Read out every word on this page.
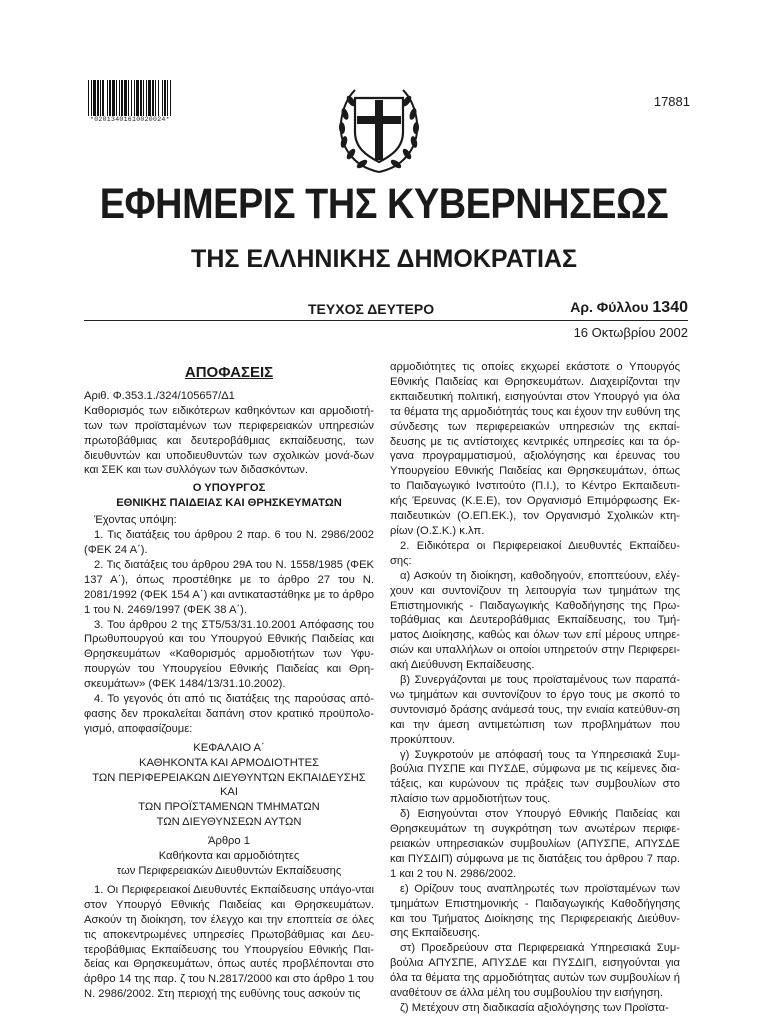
*02013401610020024*
17881
ΕΦΗΜΕΡΙΣ ΤΗΣ ΚΥΒΕΡΝΗΣΕΩΣ
ΤΗΣ ΕΛΛΗΝΙΚΗΣ ΔΗΜΟΚΡΑΤΙΑΣ
ΤΕΥΧΟΣ ΔΕΥΤΕΡΟ	Αρ. Φύλλου 1340
16 Οκτωβρίου 2002

ΑΠΟΦΑΣΕΙΣ

Αριθ. Φ.353.1./324/105657/Δ1

Καθορισμός των ειδικότερων καθηκόντων και αρμοδιοτή-των των προϊσταμένων των περιφερειακών υπηρεσιών πρωτοβάθμιας και δευτεροβάθμιας εκπαίδευσης, των διευθυντών και υποδιευθυντών των σχολικών μονά-δων και ΣΕΚ και των συλλόγων των διδασκόντων.

Ο ΥΠΟΥΡΓΟΣ

ΕΘΝΙΚΗΣ ΠΑΙΔΕΙΑΣ ΚΑΙ ΘΡΗΣΚΕΥΜΑΤΩΝ

Έχοντας υπόψη:

1. Τις διατάξεις του άρθρου 2 παρ. 6 του Ν. 2986/2002 (ΦΕΚ 24 Α΄).

2. Τις διατάξεις του άρθρου 29Α του Ν. 1558/1985 (ΦΕΚ 137 Α΄), όπως προστέθηκε με το άρθρο 27 του Ν. 2081/1992 (ΦΕΚ 154 Α΄) και αντικαταστάθηκε με το άρθρο 1 του Ν. 2469/1997 (ΦΕΚ 38 Α΄).

3. Του άρθρου 2 της ΣΤ5/53/31.10.2001 Απόφασης του Πρωθυπουργού και του Υπουργού Εθνικής Παιδείας και Θρησκευμάτων «Καθορισμός αρμοδιοτήτων των Υφυ-πουργών του Υπουργείου Εθνικής Παιδείας και Θρη-σκευμάτων» (ΦΕΚ 1484/13/31.10.2002).

4. Το γεγονός ότι από τις διατάξεις της παρούσας από-φασης δεν προκαλείται δαπάνη στον κρατικό προϋπολο-γισμό, αποφασίζουμε:

ΚΕΦΑΛΑΙΟ Α΄

ΚΑΘΗΚΟΝΤΑ ΚΑΙ ΑΡΜΟΔΙΟΤΗΤΕΣ

ΤΩΝ ΠΕΡΙΦΕΡΕΙΑΚΩΝ ΔΙΕΥΘΥΝΤΩΝ ΕΚΠΑΙΔΕΥΣΗΣ ΚΑΙ

ΤΩΝ ΠΡΟΪΣΤΑΜΕΝΩΝ ΤΜΗΜΑΤΩΝ

ΤΩΝ ΔΙΕΥΘΥΝΣΕΩΝ ΑΥΤΩΝ

Άρθρο 1

Καθήκοντα και αρμοδιότητες

των Περιφερειακών Διευθυντών Εκπαίδευσης

1. Οι Περιφερειακοί Διευθυντές Εκπαίδευσης υπάγο-νται στον Υπουργό Εθνικής Παιδείας και Θρησκευμάτων. Ασκούν τη διοίκηση, τον έλεγχο και την εποπτεία σε όλες τις αποκεντρωμένες υπηρεσίες Πρωτοβάθμιας και Δευ-τεροβάθμιας Εκπαίδευσης του Υπουργείου Εθνικής Παι-δείας και Θρησκευμάτων, όπως αυτές προβλέπονται στο άρθρο 14 της παρ. ζ του Ν.2817/2000 και στο άρθρο 1 του Ν. 2986/2002. Στη περιοχή της ευθύνης τους ασκούν τις

αρμοδιότητες τις οποίες εκχωρεί εκάστοτε ο Υπουργός Εθνικής Παιδείας και Θρησκευμάτων. Διαχειρίζονται την εκπαιδευτική πολιτική, εισηγούνται στον Υπουργό για όλα τα θέματα της αρμοδιότητάς τους και έχουν την ευθύνη της σύνδεσης των περιφερειακών υπηρεσιών της εκπαί-δευσης με τις αντίστοιχες κεντρικές υπηρεσίες και τα όρ-γανα προγραμματισμού, αξιολόγησης και έρευνας του Υπουργείου Εθνικής Παιδείας και Θρησκευμάτων, όπως το Παιδαγωγικό Ινστιτούτο (Π.Ι.), το Κέντρο Εκπαιδευτι-κής Έρευνας (Κ.Ε.Ε), τον Οργανισμό Επιμόρφωσης Εκ-παιδευτικών (Ο.ΕΠ.ΕΚ.), τον Οργανισμό Σχολικών κτη-ρίων (Ο.Σ.Κ.) κ.λπ.

2. Ειδικότερα οι Περιφερειακοί Διευθυντές Εκπαίδευ-σης:

α) Ασκούν τη διοίκηση, καθοδηγούν, εποπτεύουν, ελέγ-χουν και συντονίζουν τη λειτουργία των τμημάτων της Επιστημονικής - Παιδαγωγικής Καθοδήγησης της Πρω-τοβάθμιας και Δευτεροβάθμιας Εκπαίδευσης, του Τμή-ματος Διοίκησης, καθώς και όλων των επί μέρους υπηρε-σιών και υπαλλήλων οι οποίοι υπηρετούν στην Περιφερει-ακή Διεύθυνση Εκπαίδευσης.

β) Συνεργάζονται με τους προϊσταμένους των παραπά-νω τμημάτων και συντονίζουν το έργο τους με σκοπό το συντονισμό δράσης ανάμεσά τους, την ενιαία κατεύθυν-ση και την άμεση αντιμετώπιση των προβλημάτων που προκύπτουν.

γ) Συγκροτούν με απόφασή τους τα Υπηρεσιακά Συμ-βούλια ΠΥΣΠΕ και ΠΥΣΔΕ, σύμφωνα με τις κείμενες δια-τάξεις, και κυρώνουν τις πράξεις των συμβουλίων στο πλαίσιο των αρμοδιοτήτων τους.

δ) Εισηγούνται στον Υπουργό Εθνικής Παιδείας και Θρησκευμάτων τη συγκρότηση των ανωτέρων περιφε-ρειακών υπηρεσιακών συμβουλίων (ΑΠΥΣΠΕ, ΑΠΥΣΔΕ και ΠΥΣΔΙΠ) σύμφωνα με τις διατάξεις του άρθρου 7 παρ. 1 και 2 του Ν. 2986/2002.

ε) Ορίζουν τους αναπληρωτές των προϊσταμένων των τμημάτων Επιστημονικής - Παιδαγωγικής Καθοδήγησης και του Τμήματος Διοίκησης της Περιφερειακής Διεύθυν-σης Εκπαίδευσης.

στ) Προεδρεύουν στα Περιφερειακά Υπηρεσιακά Συμ-βούλια ΑΠΥΣΠΕ, ΑΠΥΣΔΕ και ΠΥΣΔΙΠ, εισηγούνται για όλα τα θέματα της αρμοδιότητας αυτών των συμβουλίων ή αναθέτουν σε άλλα μέλη του συμβουλίου την εισήγηση.

ζ) Μετέχουν στη διαδικασία αξιολόγησης των Προϊστα-
